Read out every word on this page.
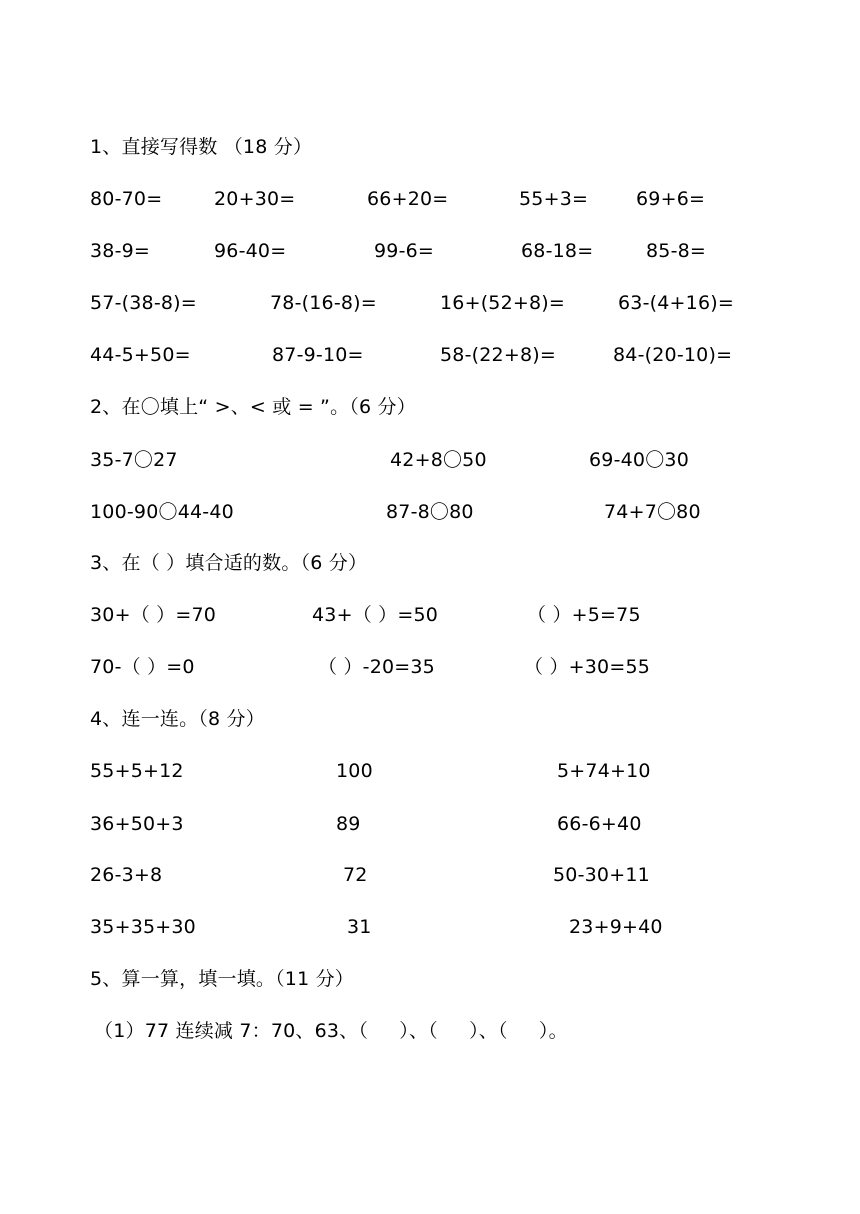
1、直接写得数 （18 分）
80-70=	20+30=	66+20=	55+3=	69+6=
38-9=	96-40=	99-6=	68-18=	85-8=
57-(38-8)=	78-(16-8)=	16+(52+8)=	63-(4+16)=
44-5+50=	87-9-10=	58-(22+8)=	84-(20-10)=
2、在〇填上“ >、< 或 = ”。（6 分）
35-7〇27	42+8〇50	69-40〇30
100-90〇44-40	87-8〇80	74+7〇80
3、在（ ）填合适的数。（6 分）
30+（ ）=70	43+（ ）=50	（ ）+5=75
70-（ ）=0	（ ）-20=35	（ ）+30=55
4、连一连。（8 分）
55+5+12	100	5+74+10
36+50+3	89	66-6+40
26-3+8	72	50-30+11
35+35+30	31	23+9+40
5、算一算，填一填。（11 分）
（1）77 连续减 7：70、63、（     ）、（     ）、（     ）。
